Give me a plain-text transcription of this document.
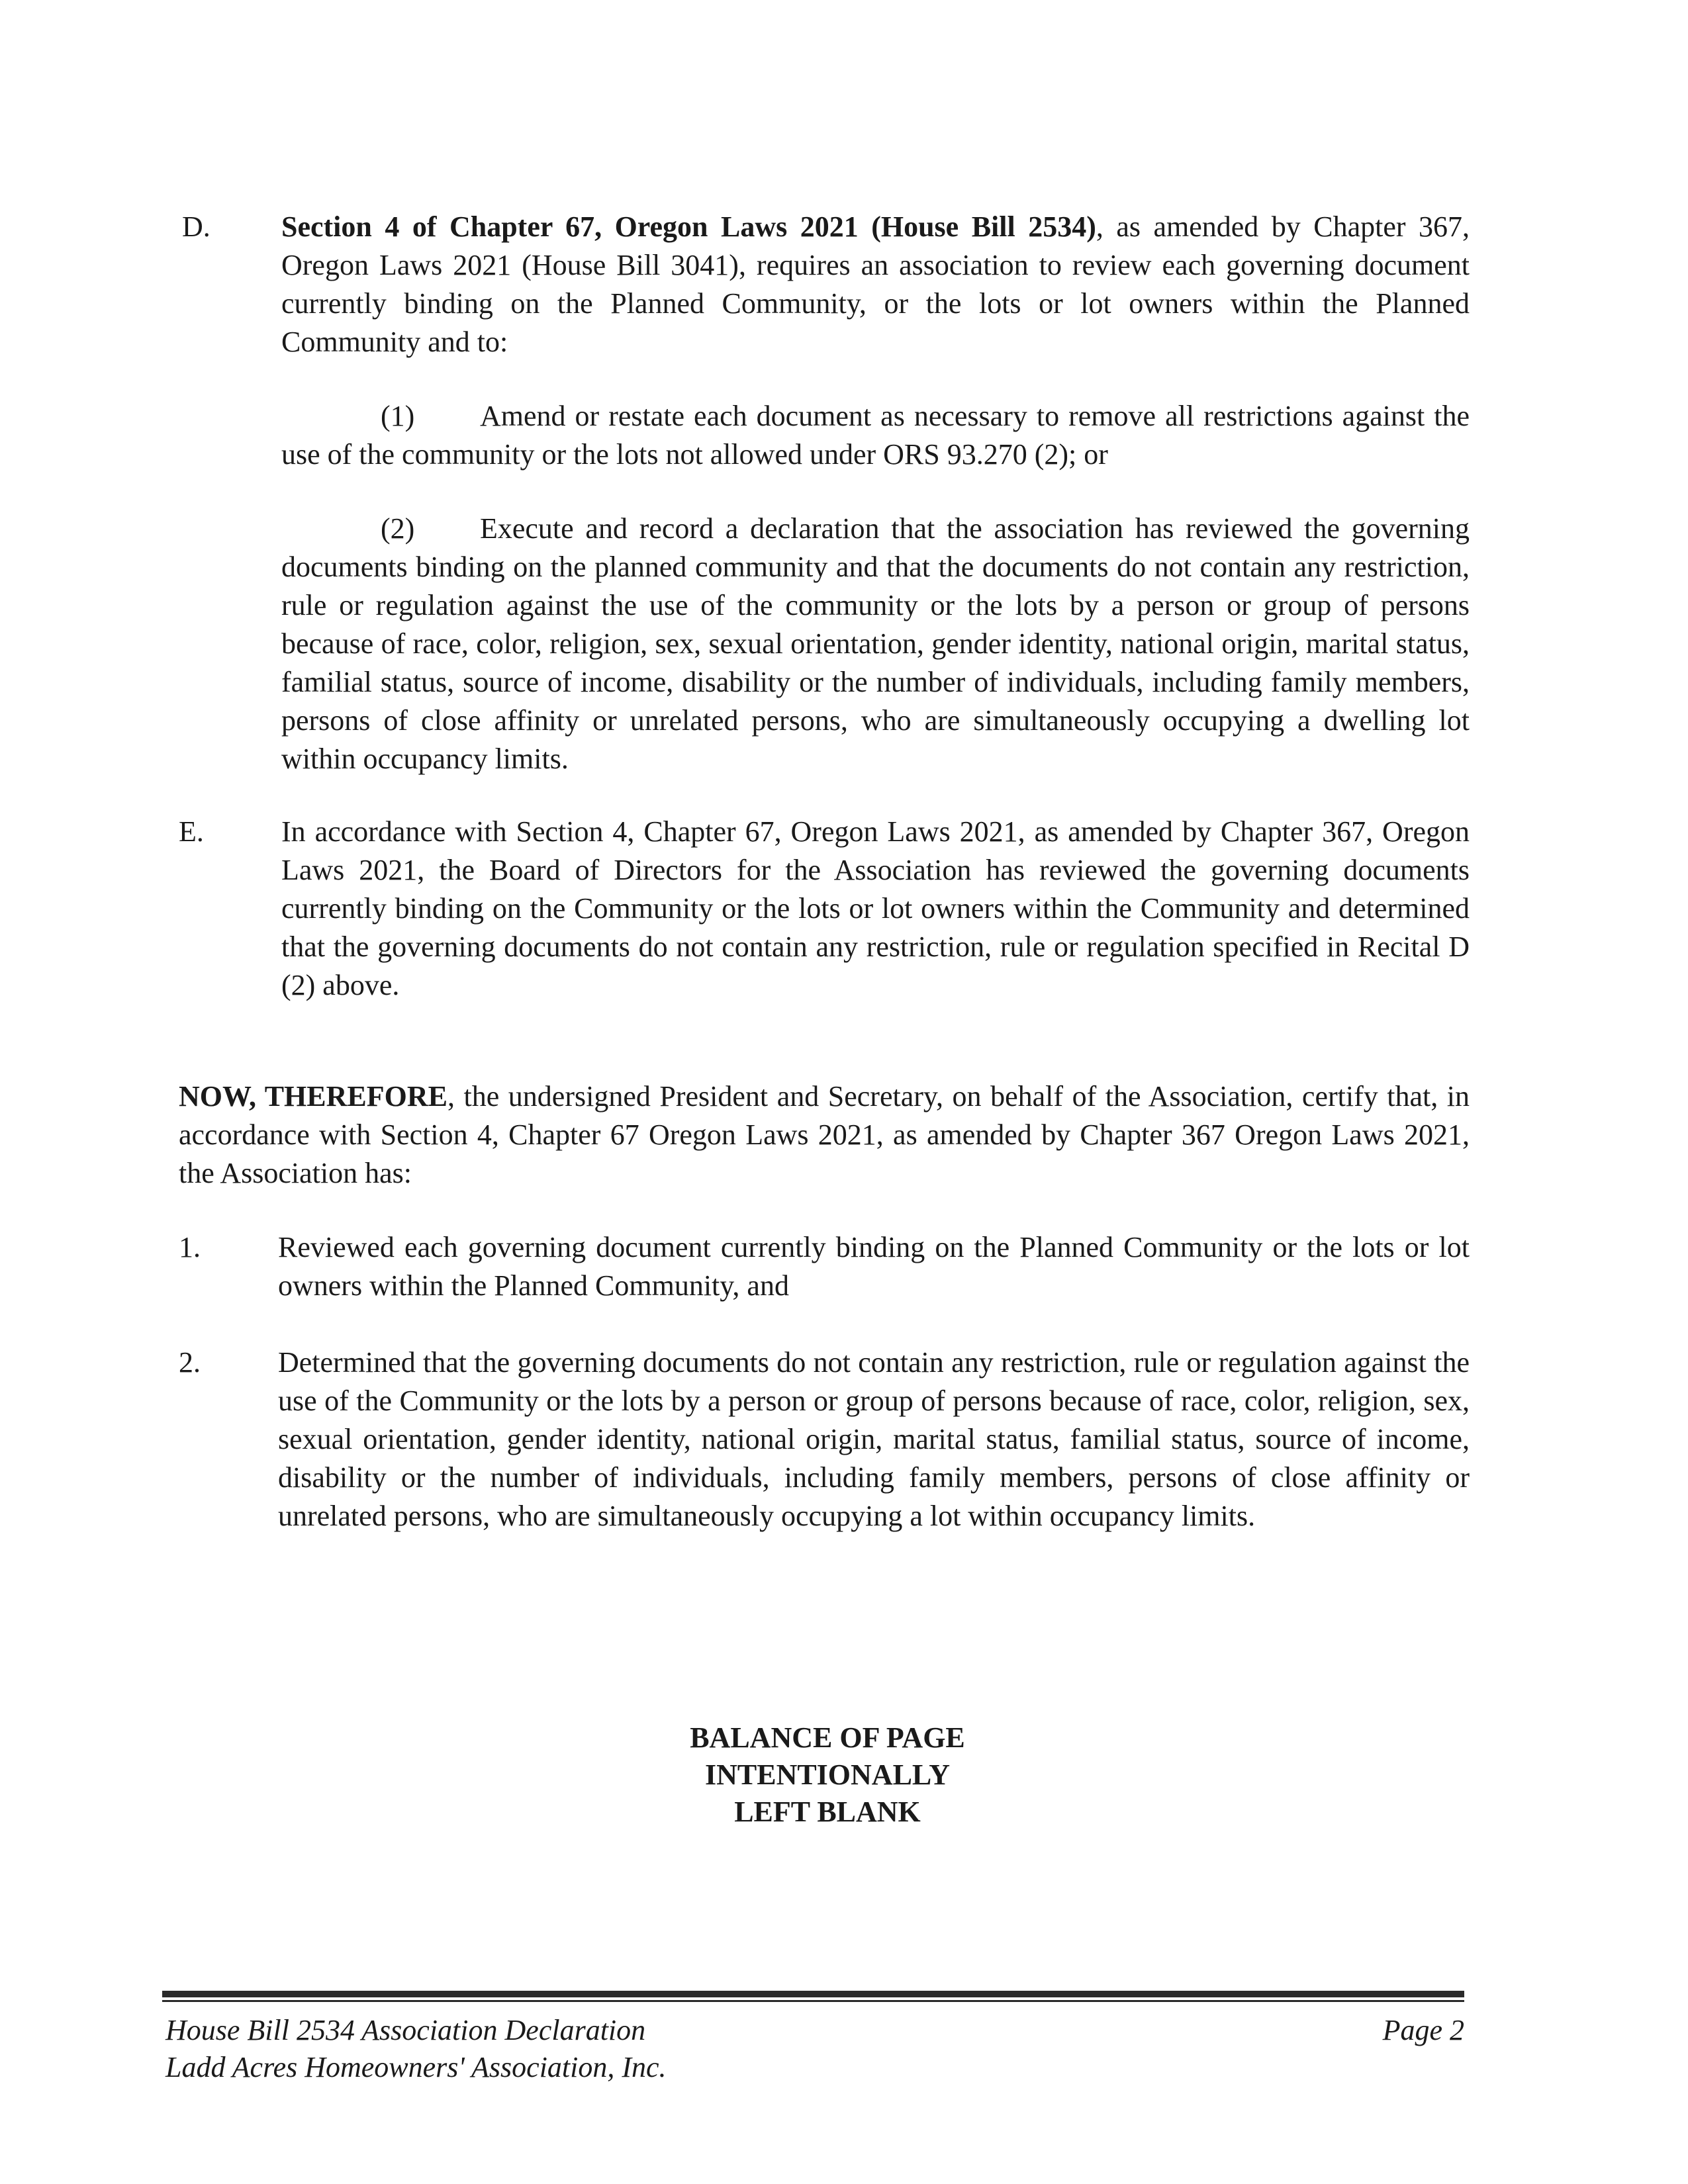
D. Section 4 of Chapter 67, Oregon Laws 2021 (House Bill 2534), as amended by Chapter 367, Oregon Laws 2021 (House Bill 3041), requires an association to review each governing document currently binding on the Planned Community, or the lots or lot owners within the Planned Community and to:
(1) Amend or restate each document as necessary to remove all restrictions against the use of the community or the lots not allowed under ORS 93.270 (2); or
(2) Execute and record a declaration that the association has reviewed the governing documents binding on the planned community and that the documents do not contain any restriction, rule or regulation against the use of the community or the lots by a person or group of persons because of race, color, religion, sex, sexual orientation, gender identity, national origin, marital status, familial status, source of income, disability or the number of individuals, including family members, persons of close affinity or unrelated persons, who are simultaneously occupying a dwelling lot within occupancy limits.
E.	In accordance with Section 4, Chapter 67, Oregon Laws 2021, as amended by Chapter 367, Oregon Laws 2021, the Board of Directors for the Association has reviewed the governing documents currently binding on the Community or the lots or lot owners within the Community and determined that the governing documents do not contain any restriction, rule or regulation specified in Recital D (2) above.
NOW, THEREFORE, the undersigned President and Secretary, on behalf of the Association, certify that, in accordance with Section 4, Chapter 67 Oregon Laws 2021, as amended by Chapter 367 Oregon Laws 2021, the Association has:
1.	Reviewed each governing document currently binding on the Planned Community or the lots or lot owners within the Planned Community, and
2.	Determined that the governing documents do not contain any restriction, rule or regulation against the use of the Community or the lots by a person or group of persons because of race, color, religion, sex, sexual orientation, gender identity, national origin, marital status, familial status, source of income, disability or the number of individuals, including family members, persons of close affinity or unrelated persons, who are simultaneously occupying a lot within occupancy limits.
BALANCE OF PAGE
INTENTIONALLY
LEFT BLANK
House Bill 2534 Association Declaration
Ladd Acres Homeowners' Association, Inc.
Page 2
